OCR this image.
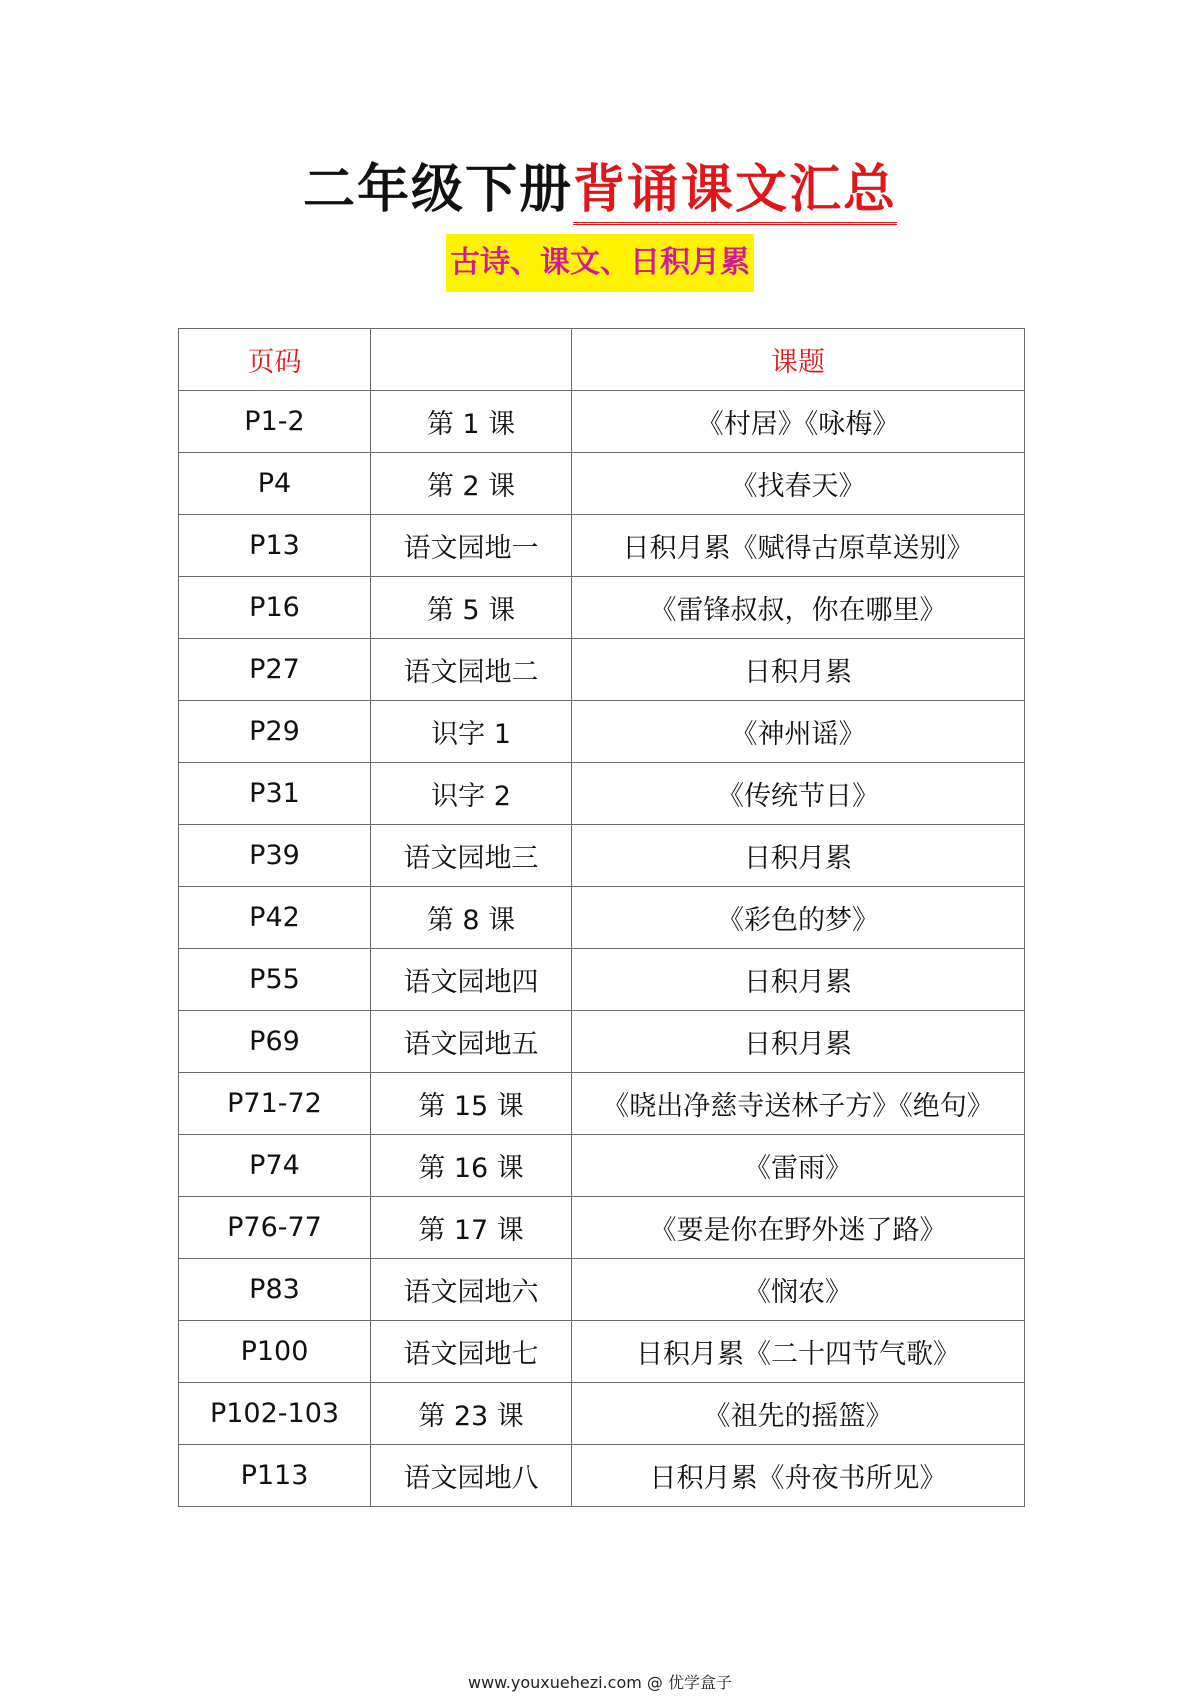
二年级下册背诵课文汇总
古诗、课文、日积月累
页码		课题
P1-2	第 1 课	《村居》《咏梅》
P4	第 2 课	《找春天》
P13	语文园地一	日积月累《赋得古原草送别》
P16	第 5 课	《雷锋叔叔，你在哪里》
P27	语文园地二	日积月累
P29	识字 1	《神州谣》
P31	识字 2	《传统节日》
P39	语文园地三	日积月累
P42	第 8 课	《彩色的梦》
P55	语文园地四	日积月累
P69	语文园地五	日积月累
P71-72	第 15 课	《晓出净慈寺送林子方》《绝句》
P74	第 16 课	《雷雨》
P76-77	第 17 课	《要是你在野外迷了路》
P83	语文园地六	《悯农》
P100	语文园地七	日积月累《二十四节气歌》
P102-103	第 23 课	《祖先的摇篮》
P113	语文园地八	日积月累《舟夜书所见》
www.youxuehezi.com @ 优学盒子
